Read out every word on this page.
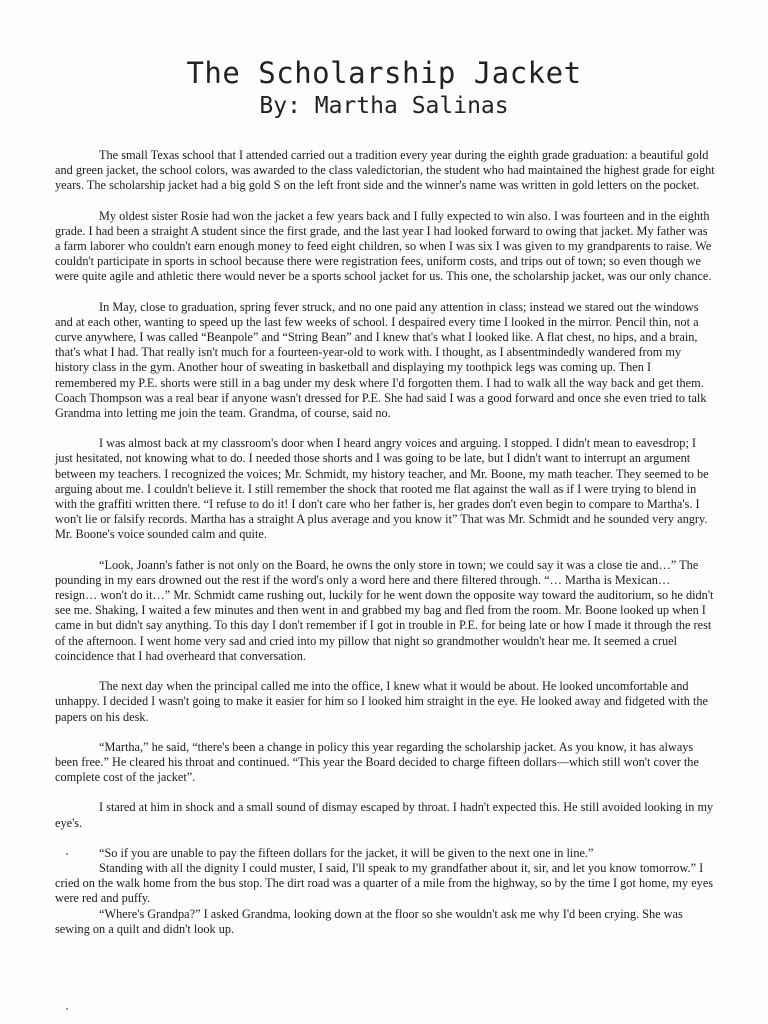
The Scholarship Jacket
By: Martha Salinas

The small Texas school that I attended carried out a tradition every year during the eighth grade graduation: a beautiful gold and green jacket, the school colors, was awarded to the class valedictorian, the student who had maintained the highest grade for eight years. The scholarship jacket had a big gold S on the left front side and the winner's name was written in gold letters on the pocket.

My oldest sister Rosie had won the jacket a few years back and I fully expected to win also. I was fourteen and in the eighth grade. I had been a straight A student since the first grade, and the last year I had looked forward to owing that jacket. My father was a farm laborer who couldn't earn enough money to feed eight children, so when I was six I was given to my grandparents to raise. We couldn't participate in sports in school because there were registration fees, uniform costs, and trips out of town; so even though we were quite agile and athletic there would never be a sports school jacket for us. This one, the scholarship jacket, was our only chance.

In May, close to graduation, spring fever struck, and no one paid any attention in class; instead we stared out the windows and at each other, wanting to speed up the last few weeks of school. I despaired every time I looked in the mirror. Pencil thin, not a curve anywhere, I was called “Beanpole” and “String Bean” and I knew that's what I looked like. A flat chest, no hips, and a brain, that's what I had. That really isn't much for a fourteen-year-old to work with. I thought, as I absentmindedly wandered from my history class in the gym. Another hour of sweating in basketball and displaying my toothpick legs was coming up. Then I remembered my P.E. shorts were still in a bag under my desk where I'd forgotten them. I had to walk all the way back and get them. Coach Thompson was a real bear if anyone wasn't dressed for P.E. She had said I was a good forward and once she even tried to talk Grandma into letting me join the team. Grandma, of course, said no.

I was almost back at my classroom's door when I heard angry voices and arguing. I stopped. I didn't mean to eavesdrop; I just hesitated, not knowing what to do. I needed those shorts and I was going to be late, but I didn't want to interrupt an argument between my teachers. I recognized the voices; Mr. Schmidt, my history teacher, and Mr. Boone, my math teacher. They seemed to be arguing about me. I couldn't believe it. I still remember the shock that rooted me flat against the wall as if I were trying to blend in with the graffiti written there. “I refuse to do it! I don't care who her father is, her grades don't even begin to compare to Martha's. I won't lie or falsify records. Martha has a straight A plus average and you know it” That was Mr. Schmidt and he sounded very angry. Mr. Boone's voice sounded calm and quite.

“Look, Joann's father is not only on the Board, he owns the only store in town; we could say it was a close tie and…” The pounding in my ears drowned out the rest if the word's only a word here and there filtered through. “… Martha is Mexican… resign… won't do it…” Mr. Schmidt came rushing out, luckily for he went down the opposite way toward the auditorium, so he didn't see me. Shaking, I waited a few minutes and then went in and grabbed my bag and fled from the room. Mr. Boone looked up when I came in but didn't say anything. To this day I don't remember if I got in trouble in P.E. for being late or how I made it through the rest of the afternoon. I went home very sad and cried into my pillow that night so grandmother wouldn't hear me. It seemed a cruel coincidence that I had overheard that conversation.

The next day when the principal called me into the office, I knew what it would be about. He looked uncomfortable and unhappy. I decided I wasn't going to make it easier for him so I looked him straight in the eye. He looked away and fidgeted with the papers on his desk.

“Martha,” he said, “there's been a change in policy this year regarding the scholarship jacket. As you know, it has always been free.” He cleared his throat and continued. “This year the Board decided to charge fifteen dollars—which still won't cover the complete cost of the jacket”.

I stared at him in shock and a small sound of dismay escaped by throat. I hadn't expected this. He still avoided looking in my eye's.

“So if you are unable to pay the fifteen dollars for the jacket, it will be given to the next one in line.”

Standing with all the dignity I could muster, I said, I'll speak to my grandfather about it, sir, and let you know tomorrow.” I cried on the walk home from the bus stop. The dirt road was a quarter of a mile from the highway, so by the time I got home, my eyes were red and puffy.

“Where's Grandpa?” I asked Grandma, looking down at the floor so she wouldn't ask me why I'd been crying. She was sewing on a quilt and didn't look up.
